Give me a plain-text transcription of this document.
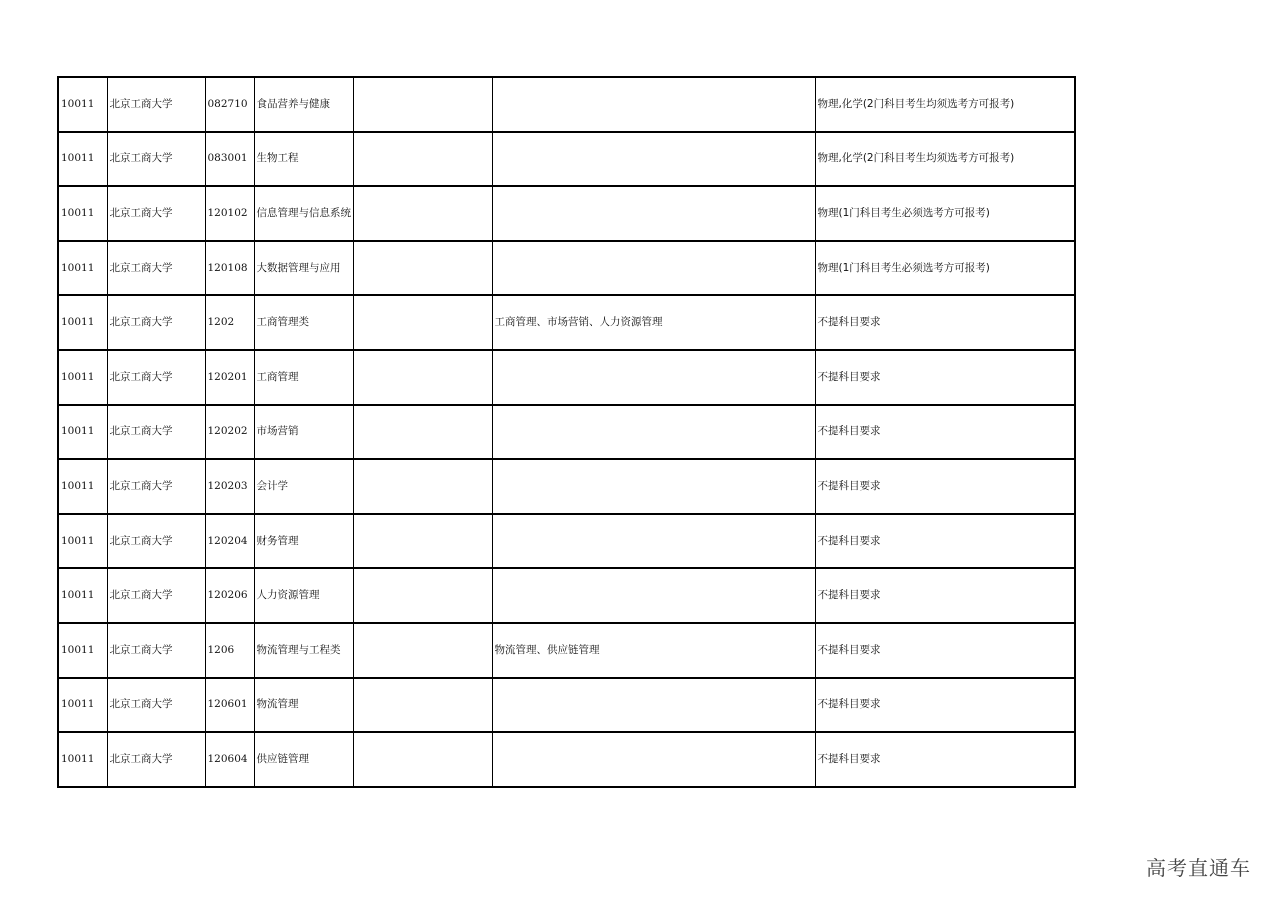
10011	北京工商大学	082710	食品营养与健康			物理,化学(2门科目考生均须选考方可报考)
10011	北京工商大学	083001	生物工程			物理,化学(2门科目考生均须选考方可报考)
10011	北京工商大学	120102	信息管理与信息系统			物理(1门科目考生必须选考方可报考)
10011	北京工商大学	120108	大数据管理与应用			物理(1门科目考生必须选考方可报考)
10011	北京工商大学	1202	工商管理类		工商管理、市场营销、人力资源管理	不提科目要求
10011	北京工商大学	120201	工商管理			不提科目要求
10011	北京工商大学	120202	市场营销			不提科目要求
10011	北京工商大学	120203	会计学			不提科目要求
10011	北京工商大学	120204	财务管理			不提科目要求
10011	北京工商大学	120206	人力资源管理			不提科目要求
10011	北京工商大学	1206	物流管理与工程类		物流管理、供应链管理	不提科目要求
10011	北京工商大学	120601	物流管理			不提科目要求
10011	北京工商大学	120604	供应链管理			不提科目要求
高考直通车
